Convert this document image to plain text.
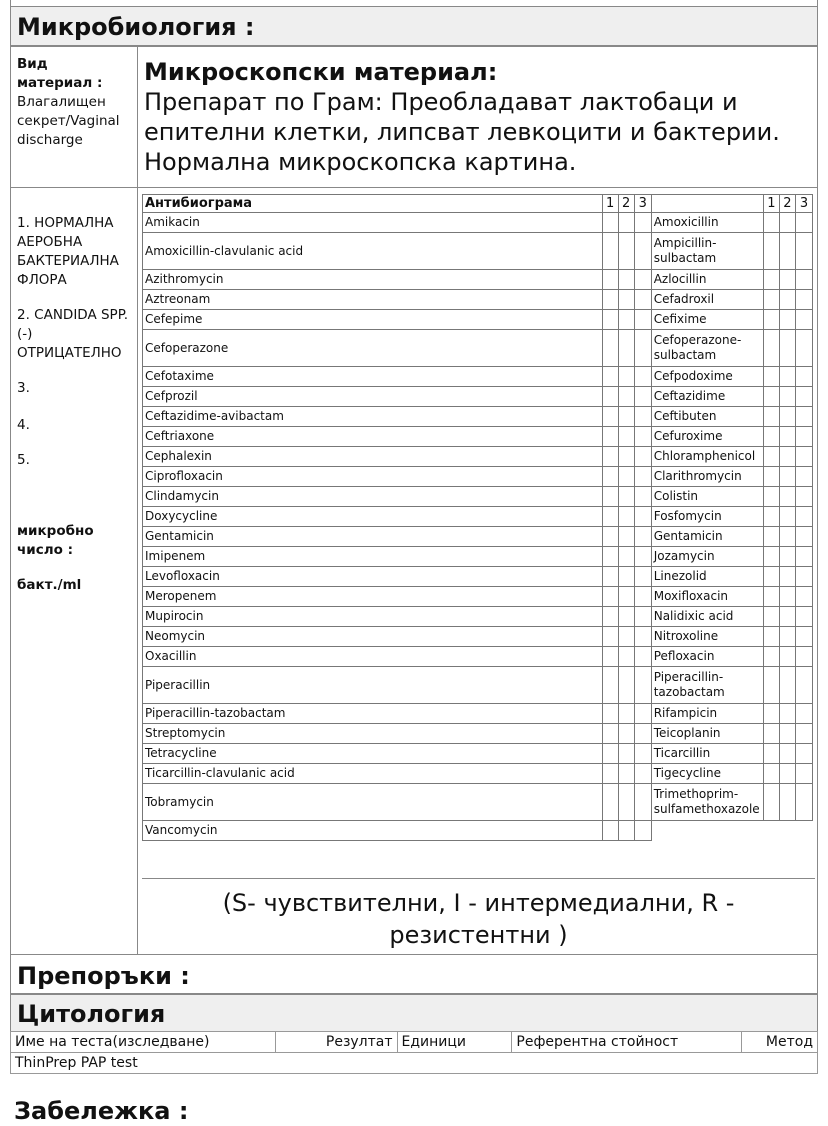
Микробиология :
Вид материал :
Влагалищен секрет/Vaginal discharge
Микроскопски материал:
Препарат по Грам: Преобладават лактобаци и епителни клетки, липсват левкоцити и бактерии. Нормална микроскопска картина.
1. НОРМАЛНА АЕРОБНА БАКТЕРИАЛНА ФЛОРА
2. CANDIDA SPP. (-) ОТРИЦАТЕЛНО
3.
4.
5.
микробно число :
бакт./ml
Антибиограма	1	2	3		1	2	3
Amikacin				Amoxicillin			
Amoxicillin-clavulanic acid				Ampicillin-sulbactam			
Azithromycin				Azlocillin			
Aztreonam				Cefadroxil			
Cefepime				Cefixime			
Cefoperazone				Cefoperazone-sulbactam			
Cefotaxime				Cefpodoxime			
Cefprozil				Ceftazidime			
Ceftazidime-avibactam				Ceftibuten			
Ceftriaxone				Cefuroxime			
Cephalexin				Chloramphenicol			
Ciprofloxacin				Clarithromycin			
Clindamycin				Colistin			
Doxycycline				Fosfomycin			
Gentamicin				Gentamicin			
Imipenem				Jozamycin			
Levofloxacin				Linezolid			
Meropenem				Moxifloxacin			
Mupirocin				Nalidixic acid			
Neomycin				Nitroxoline			
Oxacillin				Pefloxacin			
Piperacillin				Piperacillin-tazobactam			
Piperacillin-tazobactam				Rifampicin			
Streptomycin				Teicoplanin			
Tetracycline				Ticarcillin			
Ticarcillin-clavulanic acid				Tigecycline			
Tobramycin				Trimethoprim-sulfamethoxazole			
Vancomycin							
(S- чувствителни, I - интермедиални, R - резистентни )
Препоръки :
Цитология
Име на теста(изследване)	Резултат	Единици	Референтна стойност	Метод
ThinPrep PAP test
Забележка :
